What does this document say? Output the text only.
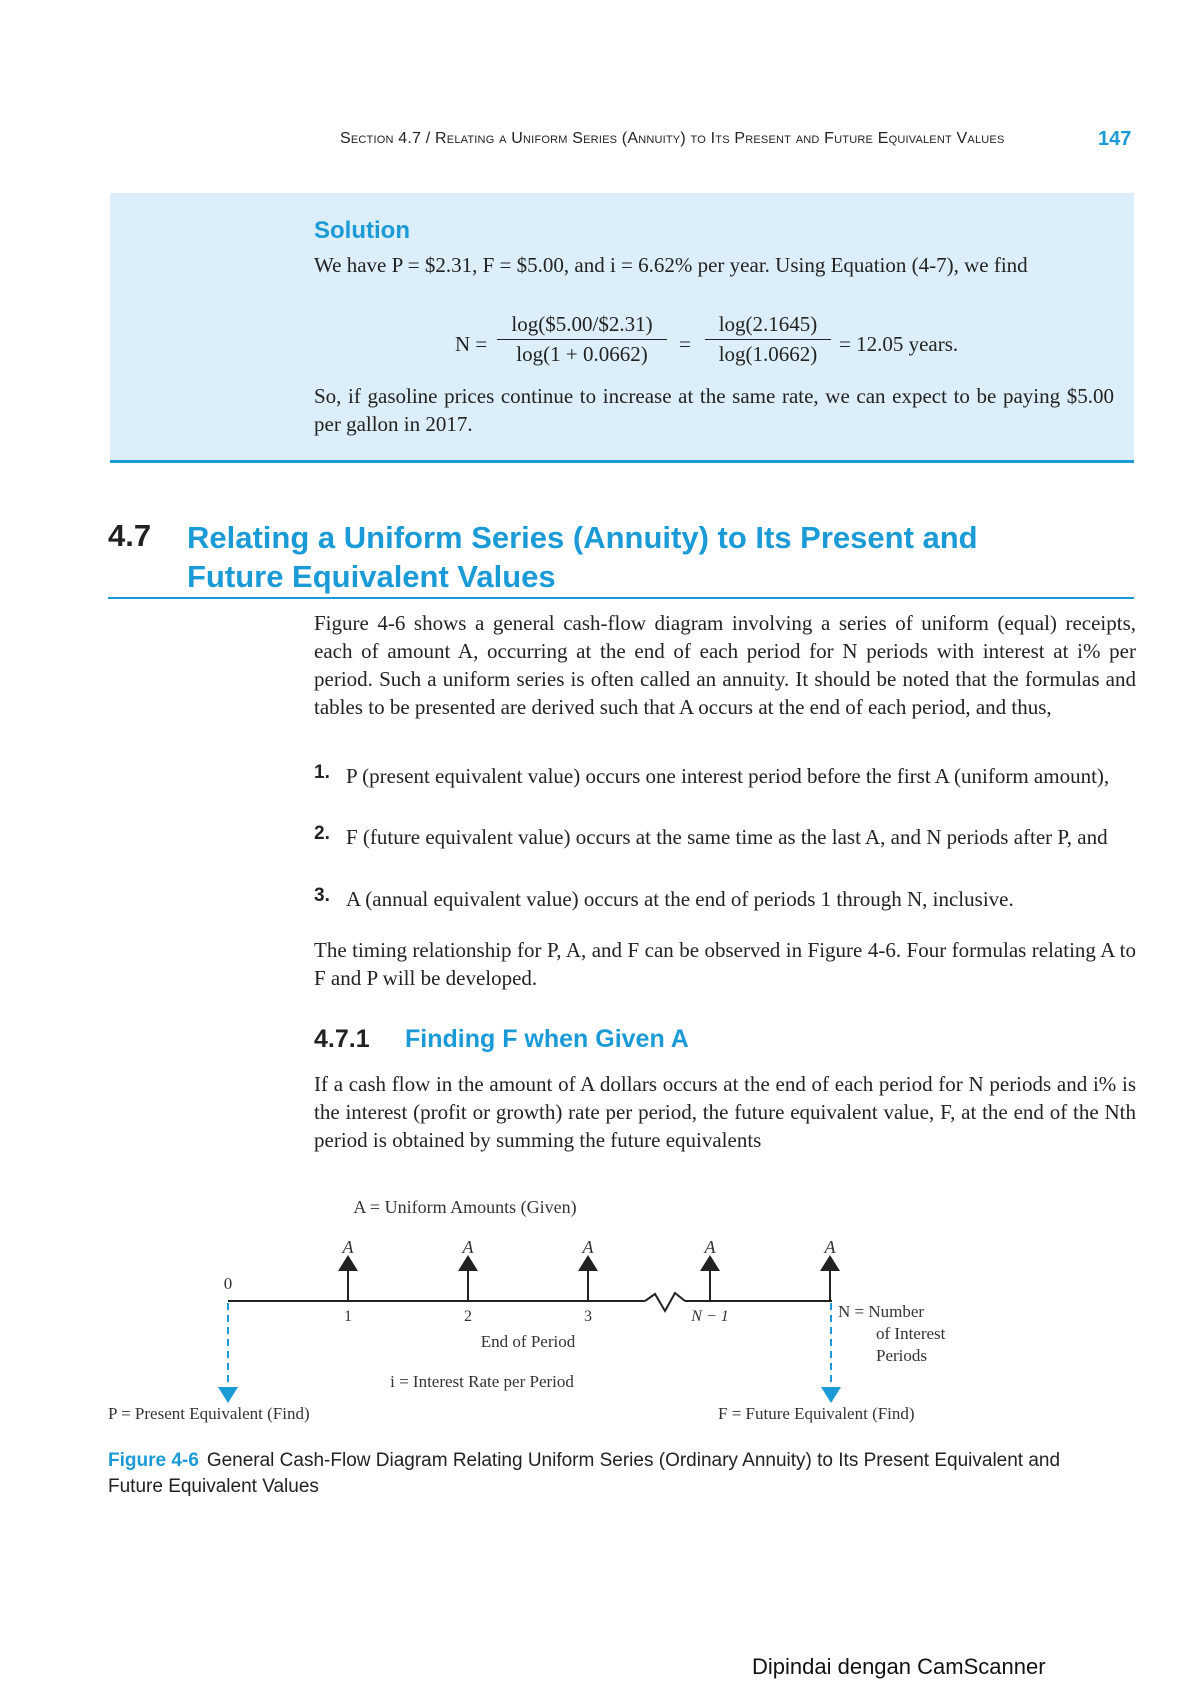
Section 4.7 / Relating a Uniform Series (Annuity) to Its Present and Future Equivalent Values	147
Solution
We have P = $2.31, F = $5.00, and i = 6.62% per year. Using Equation (4-7), we find
$N = \frac{\log(\$5.00/\$2.31)}{\log(1 + 0.0662)} = \frac{\log(2.1645)}{\log(1.0662)} = 12.05$ years.
So, if gasoline prices continue to increase at the same rate, we can expect to be paying $5.00 per gallon in 2017.
4.7 Relating a Uniform Series (Annuity) to Its Present and Future Equivalent Values
Figure 4-6 shows a general cash-flow diagram involving a series of uniform (equal) receipts, each of amount A, occurring at the end of each period for N periods with interest at i% per period. Such a uniform series is often called an annuity. It should be noted that the formulas and tables to be presented are derived such that A occurs at the end of each period, and thus,
1. P (present equivalent value) occurs one interest period before the first A (uniform amount),
2. F (future equivalent value) occurs at the same time as the last A, and N periods after P, and
3. A (annual equivalent value) occurs at the end of periods 1 through N, inclusive.
The timing relationship for P, A, and F can be observed in Figure 4-6. Four formulas relating A to F and P will be developed.
4.7.1 Finding F when Given A
If a cash flow in the amount of A dollars occurs at the end of each period for N periods and i% is the interest (profit or growth) rate per period, the future equivalent value, F, at the end of the Nth period is obtained by summing the future equivalents
A = Uniform Amounts (Given)
0
A	A	A	A	A
1	2	3	N − 1
End of Period
i = Interest Rate per Period
N = Number
of Interest
Periods
P = Present Equivalent (Find)	F = Future Equivalent (Find)
Figure 4-6 General Cash-Flow Diagram Relating Uniform Series (Ordinary Annuity) to Its Present Equivalent and Future Equivalent Values
Dipindai dengan CamScanner
